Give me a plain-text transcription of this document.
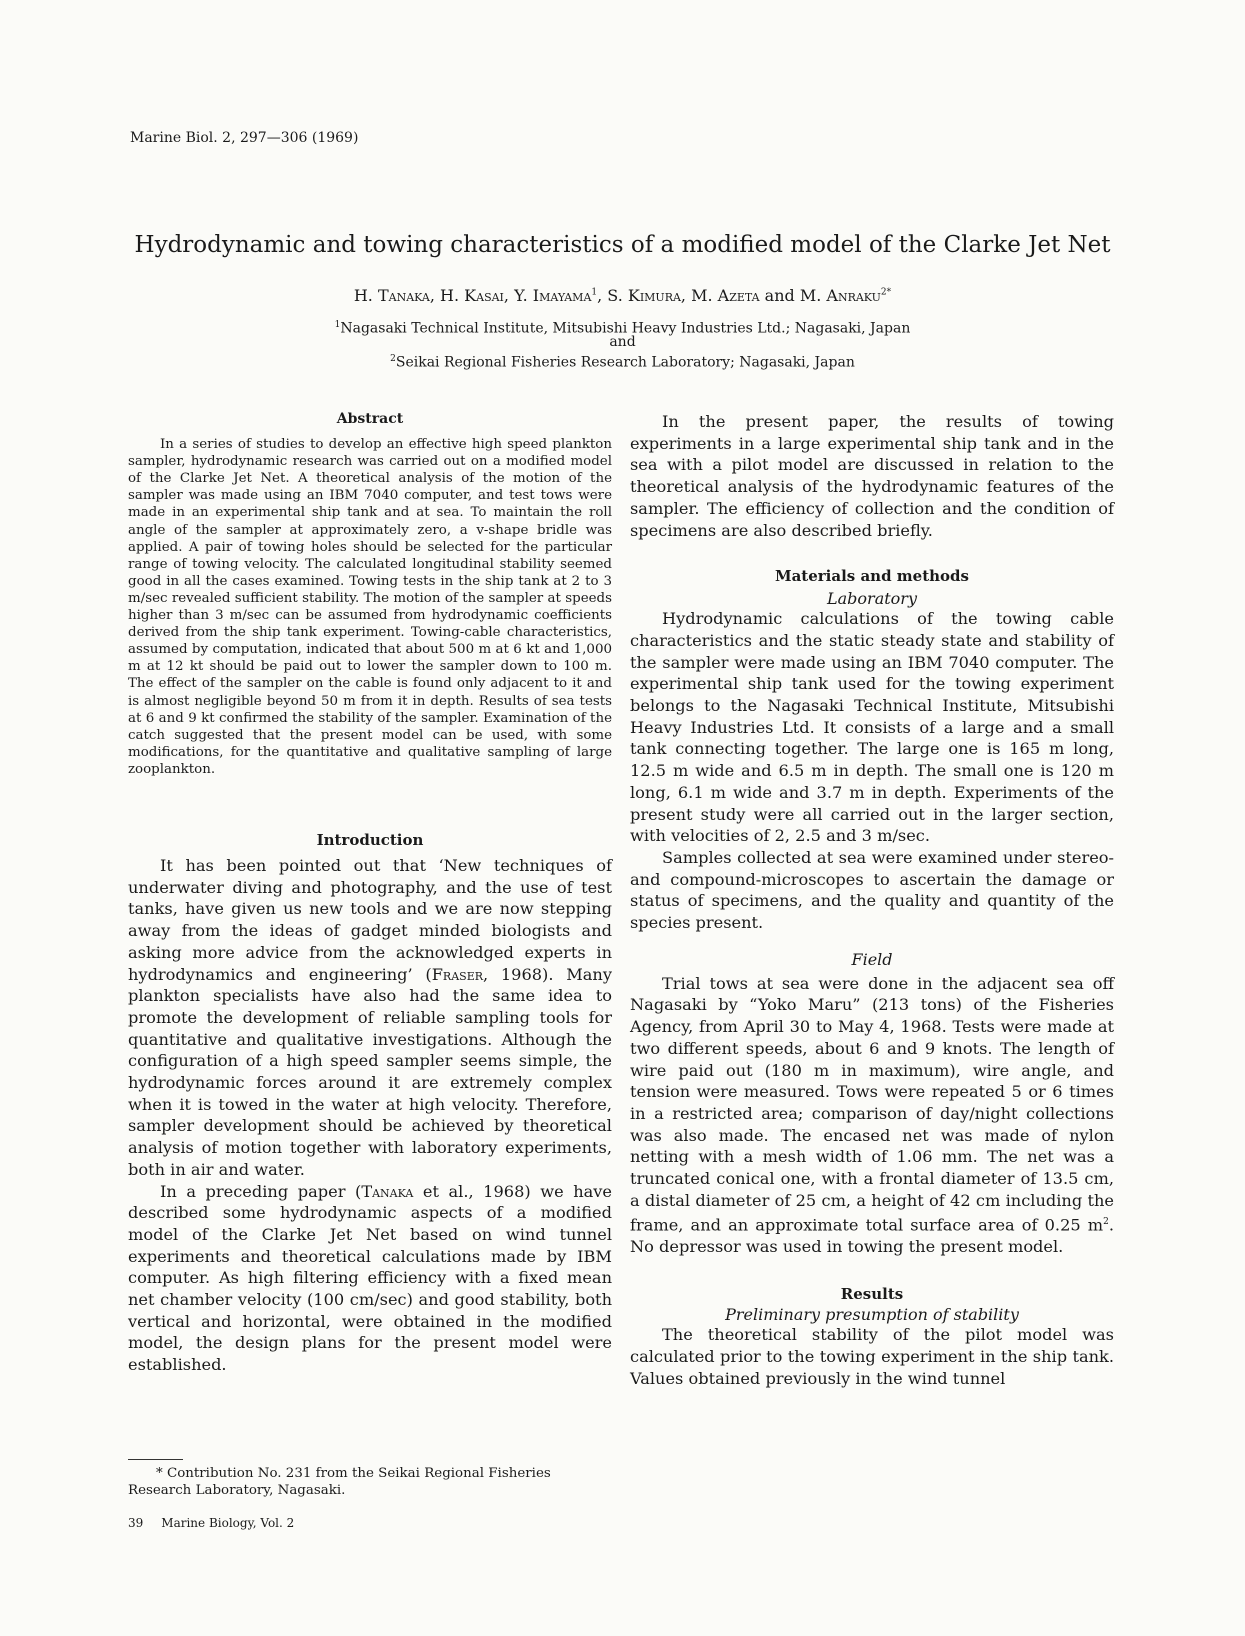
Marine Biol. 2, 297—306 (1969)
Hydrodynamic and towing characteristics of a modified model of the Clarke Jet Net
H. Tanaka, H. Kasai, Y. Imayama$^1$, S. Kimura, M. Azeta and M. Anraku$^{2*}$
$^1$Nagasaki Technical Institute, Mitsubishi Heavy Industries Ltd.; Nagasaki, Japan
and
$^2$Seikai Regional Fisheries Research Laboratory; Nagasaki, Japan
Abstract

In a series of studies to develop an effective high speed plankton sampler, hydrodynamic research was carried out on a modified model of the Clarke Jet Net. A theoretical analysis of the motion of the sampler was made using an IBM 7040 computer, and test tows were made in an experimental ship tank and at sea. To maintain the roll angle of the sampler at approximately zero, a v-shape bridle was applied. A pair of towing holes should be selected for the particular range of towing velocity. The calculated longitudinal stability seemed good in all the cases examined. Towing tests in the ship tank at 2 to 3 m/sec revealed sufficient stability. The motion of the sampler at speeds higher than 3 m/sec can be assumed from hydrodynamic coefficients derived from the ship tank experiment. Towing-cable characteristics, assumed by computation, indicated that about 500 m at 6 kt and 1,000 m at 12 kt should be paid out to lower the sampler down to 100 m. The effect of the sampler on the cable is found only adjacent to it and is almost negligible beyond 50 m from it in depth. Results of sea tests at 6 and 9 kt confirmed the stability of the sampler. Examination of the catch suggested that the present model can be used, with some modifications, for the quantitative and qualitative sampling of large zooplankton.

Introduction

It has been pointed out that ‘New techniques of underwater diving and photography, and the use of test tanks, have given us new tools and we are now stepping away from the ideas of gadget minded biologists and asking more advice from the acknowledged experts in hydrodynamics and engineering’ (Fraser, 1968). Many plankton specialists have also had the same idea to promote the development of reliable sampling tools for quantitative and qualitative investigations. Although the configuration of a high speed sampler seems simple, the hydrodynamic forces around it are extremely complex when it is towed in the water at high velocity. Therefore, sampler development should be achieved by theoretical analysis of motion together with laboratory experiments, both in air and water.

In a preceding paper (Tanaka et al., 1968) we have described some hydrodynamic aspects of a modified model of the Clarke Jet Net based on wind tunnel experiments and theoretical calculations made by IBM computer. As high filtering efficiency with a fixed mean net chamber velocity (100 cm/sec) and good stability, both vertical and horizontal, were obtained in the modified model, the design plans for the present model were established.

* Contribution No. 231 from the Seikai Regional Fisheries Research Laboratory, Nagasaki.
39 Marine Biology, Vol. 2

In the present paper, the results of towing experiments in a large experimental ship tank and in the sea with a pilot model are discussed in relation to the theoretical analysis of the hydrodynamic features of the sampler. The efficiency of collection and the condition of specimens are also described briefly.

Materials and methods
Laboratory

Hydrodynamic calculations of the towing cable characteristics and the static steady state and stability of the sampler were made using an IBM 7040 computer. The experimental ship tank used for the towing experiment belongs to the Nagasaki Technical Institute, Mitsubishi Heavy Industries Ltd. It consists of a large and a small tank connecting together. The large one is 165 m long, 12.5 m wide and 6.5 m in depth. The small one is 120 m long, 6.1 m wide and 3.7 m in depth. Experiments of the present study were all carried out in the larger section, with velocities of 2, 2.5 and 3 m/sec.

Samples collected at sea were examined under stereo- and compound-microscopes to ascertain the damage or status of specimens, and the quality and quantity of the species present.

Field

Trial tows at sea were done in the adjacent sea off Nagasaki by “Yoko Maru” (213 tons) of the Fisheries Agency, from April 30 to May 4, 1968. Tests were made at two different speeds, about 6 and 9 knots. The length of wire paid out (180 m in maximum), wire angle, and tension were measured. Tows were repeated 5 or 6 times in a restricted area; comparison of day/night collections was also made. The encased net was made of nylon netting with a mesh width of 1.06 mm. The net was a truncated conical one, with a frontal diameter of 13.5 cm, a distal diameter of 25 cm, a height of 42 cm including the frame, and an approximate total surface area of 0.25 $m^2$. No depressor was used in towing the present model.

Results
Preliminary presumption of stability

The theoretical stability of the pilot model was calculated prior to the towing experiment in the ship tank. Values obtained previously in the wind tunnel
